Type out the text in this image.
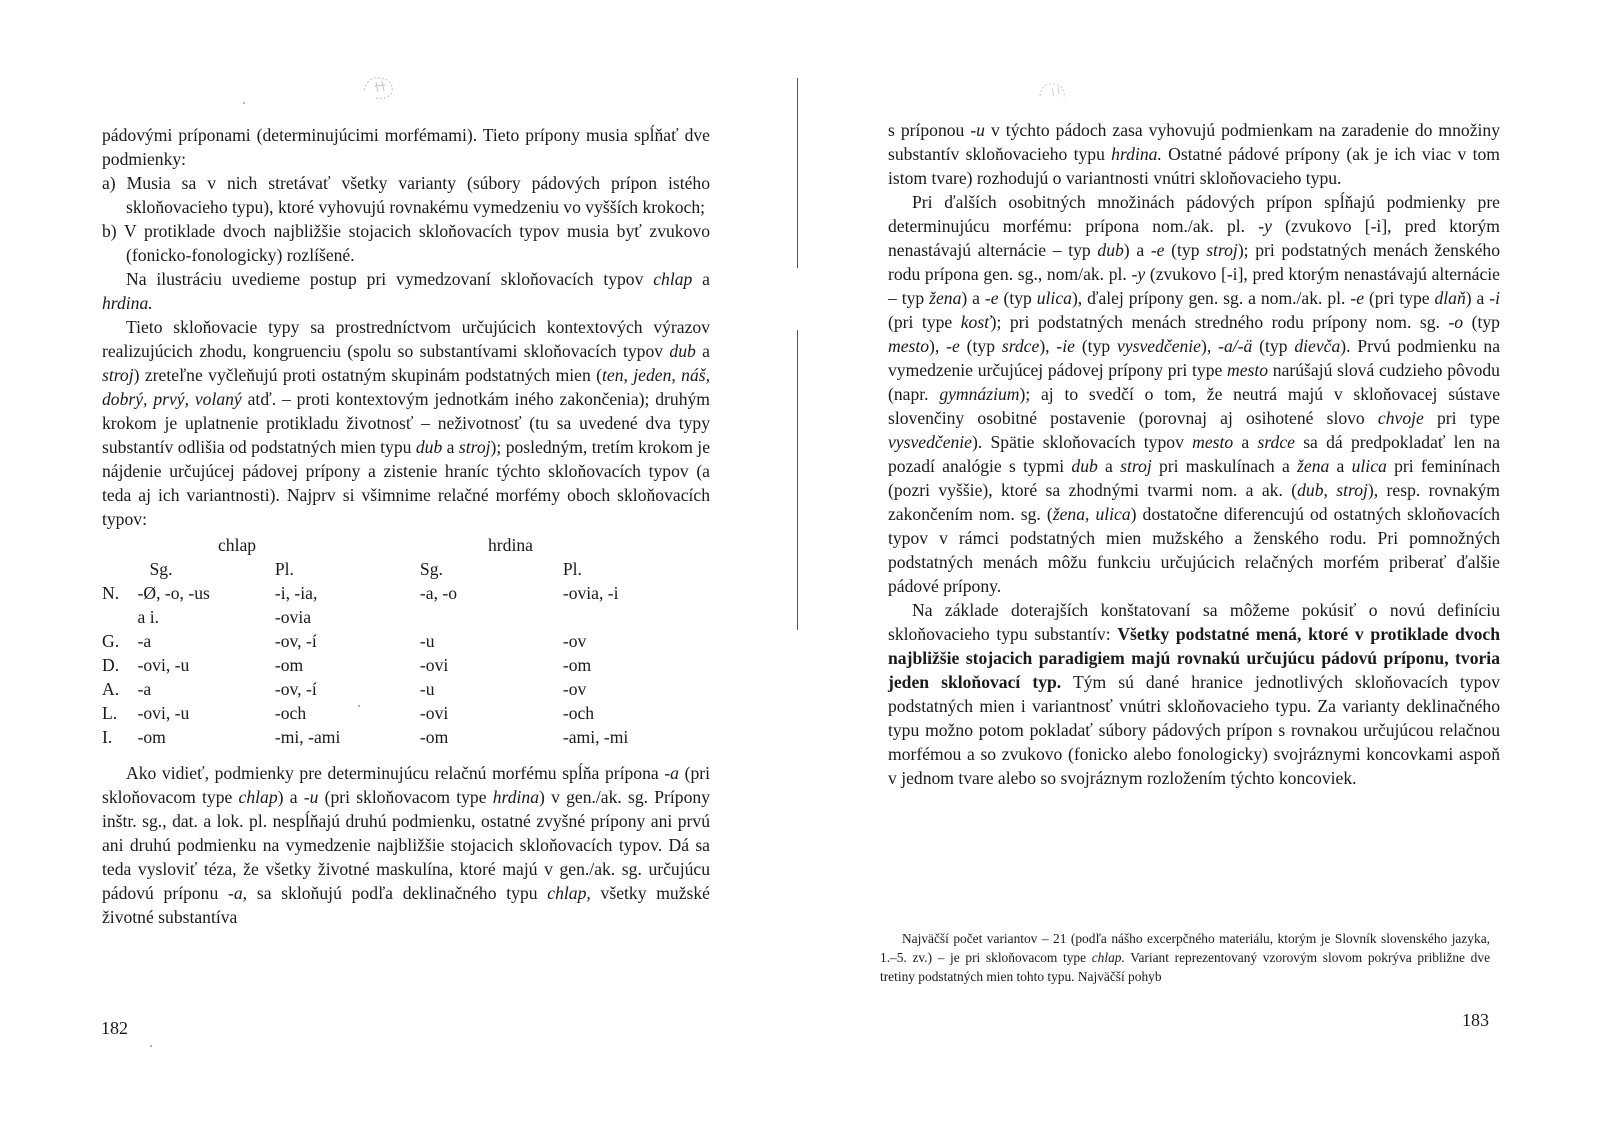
pádovými príponami (determinujúcimi morfémami). Tieto prípony musia spĺňať dve podmienky:

a) Musia sa v nich stretávať všetky varianty (súbory pádových prípon istého skloňovacieho typu), ktoré vyhovujú rovnakému vymedzeniu vo vyšších krokoch;

b) V protiklade dvoch najbližšie stojacich skloňovacích typov musia byť zvukovo (fonicko-fonologicky) rozlíšené.

Na ilustráciu uvedieme postup pri vymedzovaní skloňovacích typov chlap a hrdina.

Tieto skloňovacie typy sa prostredníctvom určujúcich kontextových výrazov realizujúcich zhodu, kongruenciu (spolu so substantívami skloňovacích typov dub a stroj) zreteľne vyčleňujú proti ostatným skupinám podstatných mien (ten, jeden, náš, dobrý, prvý, volaný atď. – proti kontextovým jednotkám iného zakončenia); druhým krokom je uplatnenie protikladu životnosť – neživotnosť (tu sa uvedené dva typy substantív odlišia od podstatných mien typu dub a stroj); posledným, tretím krokom je nájdenie určujúcej pádovej prípony a zistenie hraníc týchto skloňovacích typov (a teda aj ich variantnosti). Najprv si všimnime relačné morfémy oboch skloňovacích typov:

chlap	hrdina
	Sg.	Pl.	Sg.	Pl.
N.	-Ø, -o, -us	-i, -ia,	-a, -o	-ovia, -i
	a i.	-ovia		
G.	-a	-ov, -í	-u	-ov
D.	-ovi, -u	-om	-ovi	-om
A.	-a	-ov, -í	-u	-ov
L.	-ovi, -u	-och	-ovi	-och
I.	-om	-mi, -ami	-om	-ami, -mi

Ako vidieť, podmienky pre determinujúcu relačnú morfému spĺňa prípona -a (pri skloňovacom type chlap) a -u (pri skloňovacom type hrdina) v gen./ak. sg. Prípony inštr. sg., dat. a lok. pl. nespĺňajú druhú podmienku, ostatné zvyšné prípony ani prvú ani druhú podmienku na vymedzenie najbližšie stojacich skloňovacích typov. Dá sa teda vysloviť téza, že všetky životné maskulína, ktoré majú v gen./ak. sg. určujúcu pádovú príponu -a, sa skloňujú podľa deklinačného typu chlap, všetky mužské životné substantíva

182

s príponou -u v týchto pádoch zasa vyhovujú podmienkam na zaradenie do množiny substantív skloňovacieho typu hrdina. Ostatné pádové prípony (ak je ich viac v tom istom tvare) rozhodujú o variantnosti vnútri skloňovacieho typu.

Pri ďalších osobitných množinách pádových prípon spĺňajú podmienky pre determinujúcu morfému: prípona nom./ak. pl. -y (zvukovo [-i], pred ktorým nenastávajú alternácie – typ dub) a -e (typ stroj); pri podstatných menách ženského rodu prípona gen. sg., nom/ak. pl. -y (zvukovo [-i], pred ktorým nenastávajú alternácie – typ žena) a -e (typ ulica), ďalej prípony gen. sg. a nom./ak. pl. -e (pri type dlaň) a -i (pri type kosť); pri podstatných menách stredného rodu prípony nom. sg. -o (typ mesto), -e (typ srdce), -ie (typ vysvedčenie), -a/-ä (typ dievča). Prvú podmienku na vymedzenie určujúcej pádovej prípony pri type mesto narúšajú slová cudzieho pôvodu (napr. gymnázium); aj to svedčí o tom, že neutrá majú v skloňovacej sústave slovenčiny osobitné postavenie (porovnaj aj osihotené slovo chvoje pri type vysvedčenie). Spätie skloňovacích typov mesto a srdce sa dá predpokladať len na pozadí analógie s typmi dub a stroj pri maskulínach a žena a ulica pri feminínach (pozri vyššie), ktoré sa zhodnými tvarmi nom. a ak. (dub, stroj), resp. rovnakým zakončením nom. sg. (žena, ulica) dostatočne diferencujú od ostatných skloňovacích typov v rámci podstatných mien mužského a ženského rodu. Pri pomnožných podstatných menách môžu funkciu určujúcich relačných morfém priberať ďalšie pádové prípony.

Na základe doterajších konštatovaní sa môžeme pokúsiť o novú definíciu skloňovacieho typu substantív: Všetky podstatné mená, ktoré v protiklade dvoch najbližšie stojacich paradigiem majú rovnakú určujúcu pádovú príponu, tvoria jeden skloňovací typ. Tým sú dané hranice jednotlivých skloňovacích typov podstatných mien i variantnosť vnútri skloňovacieho typu. Za varianty deklinačného typu možno potom pokladať súbory pádových prípon s rovnakou určujúcou relačnou morfémou a so zvukovo (fonicko alebo fonologicky) svojráznymi koncovkami aspoň v jednom tvare alebo so svojráznym rozložením týchto koncoviek.

183
Najväčší počet variantov – 21 (podľa nášho excerpčného materiálu, ktorým je Slovník slovenského jazyka, 1.–5. zv.) – je pri skloňovacom type chlap. Variant reprezentovaný vzorovým slovom pokrýva približne dve tretiny podstatných mien tohto typu. Najväčší pohyb
